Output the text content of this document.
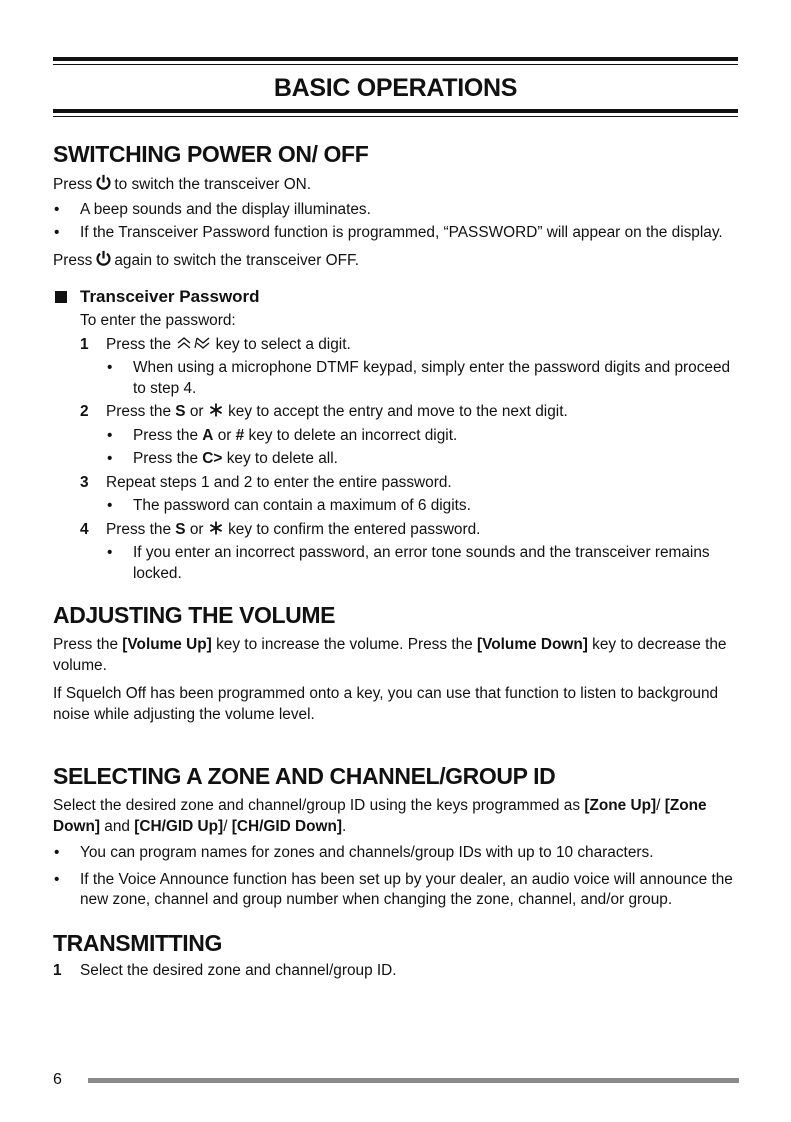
BASIC OPERATIONS
SWITCHING POWER ON/ OFF

Press to switch the transceiver ON.

• A beep sounds and the display illuminates.
• If the Transceiver Password function is programmed, “PASSWORD” will appear on the display.

Press again to switch the transceiver OFF.

Transceiver Password
To enter the password:
1 Press the	key to select a digit.
• When using a microphone DTMF keypad, simply enter the password digits and proceed to step 4.
2 Press the S or key to accept the entry and move to the next digit.
• Press the A or # key to delete an incorrect digit.
• Press the C> key to delete all.
3 Repeat steps 1 and 2 to enter the entire password.
• The password can contain a maximum of 6 digits.
4 Press the S or key to confirm the entered password.
• If you enter an incorrect password, an error tone sounds and the transceiver remains locked.
ADJUSTING THE VOLUME

Press the [Volume Up] key to increase the volume. Press the [Volume Down] key to decrease the volume.

If Squelch Off has been programmed onto a key, you can use that function to listen to background noise while adjusting the volume level.

SELECTING A ZONE AND CHANNEL/GROUP ID

Select the desired zone and channel/group ID using the keys programmed as [Zone Up]/ [Zone Down] and [CH/GID Up]/ [CH/GID Down].

• You can program names for zones and channels/group IDs with up to 10 characters.
• If the Voice Announce function has been set up by your dealer, an audio voice will announce the new zone, channel and group number when changing the zone, channel, and/or group.
TRANSMITTING
1 Select the desired zone and channel/group ID.
6
